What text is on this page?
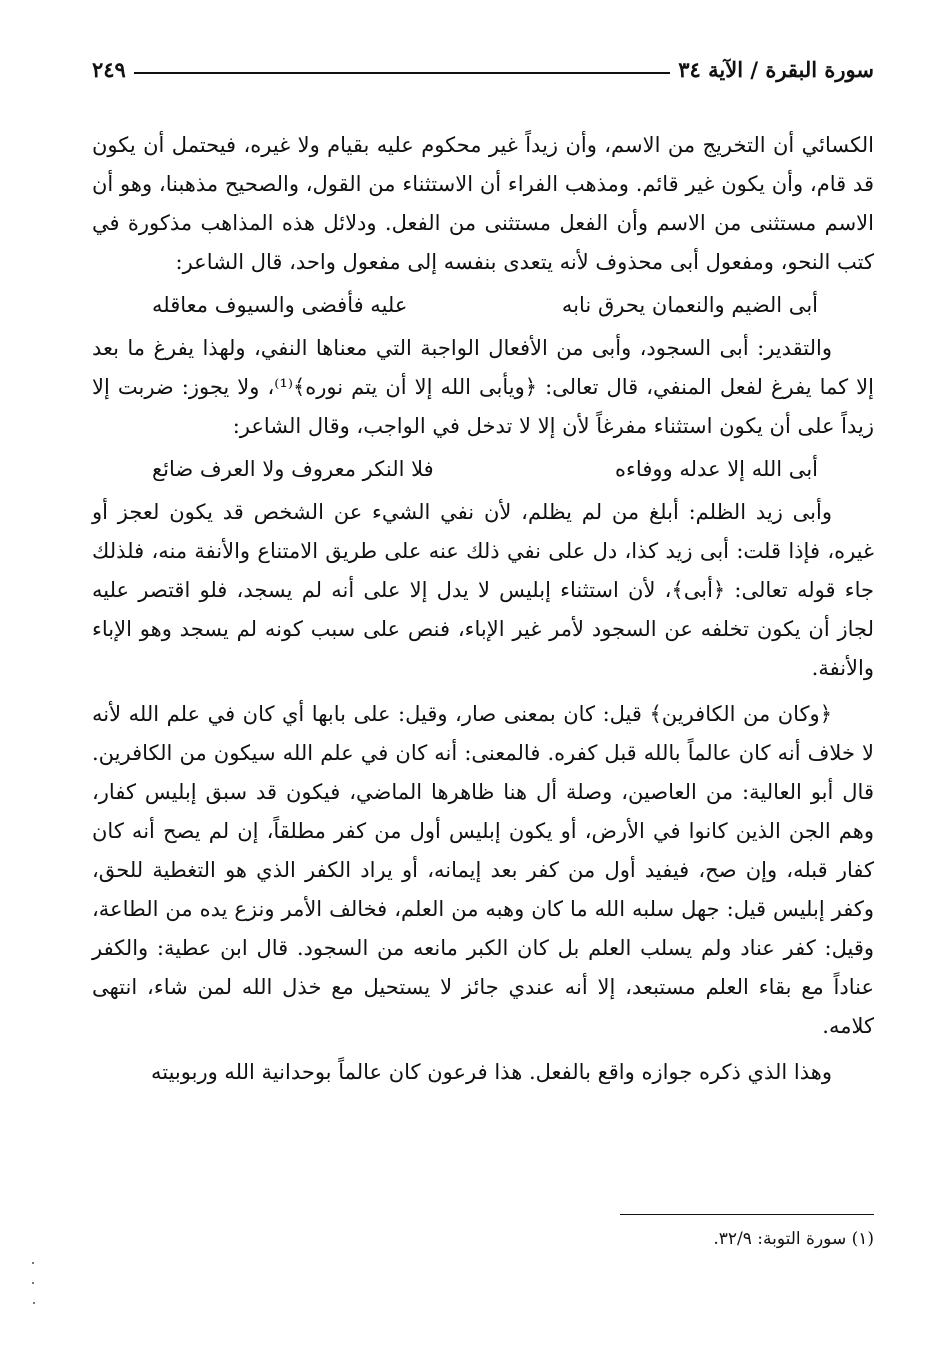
سورة البقرة / الآية ٣٤
٢٤٩

الكسائي أن التخريج من الاسم، وأن زيداً غير محكوم عليه بقيام ولا غيره، فيحتمل أن يكون قد قام، وأن يكون غير قائم. ومذهب الفراء أن الاستثناء من القول، والصحيح مذهبنا، وهو أن الاسم مستثنى من الاسم وأن الفعل مستثنى من الفعل. ودلائل هذه المذاهب مذكورة في كتب النحو، ومفعول أبى محذوف لأنه يتعدى بنفسه إلى مفعول واحد، قال الشاعر:

أبى الضيم والنعمان يحرق نابه
عليه فأفضى والسيوف معاقله

والتقدير: أبى السجود، وأبى من الأفعال الواجبة التي معناها النفي، ولهذا يفرغ ما بعد إلا كما يفرغ لفعل المنفي، قال تعالى: ﴿ويأبى الله إلا أن يتم نوره﴾⁽¹⁾، ولا يجوز: ضربت إلا زيداً على أن يكون استثناء مفرغاً لأن إلا لا تدخل في الواجب، وقال الشاعر:

أبى الله إلا عدله ووفاءه
فلا النكر معروف ولا العرف ضائع

وأبى زيد الظلم: أبلغ من لم يظلم، لأن نفي الشيء عن الشخص قد يكون لعجز أو غيره، فإذا قلت: أبى زيد كذا، دل على نفي ذلك عنه على طريق الامتناع والأنفة منه، فلذلك جاء قوله تعالى: ﴿أبى﴾، لأن استثناء إبليس لا يدل إلا على أنه لم يسجد، فلو اقتصر عليه لجاز أن يكون تخلفه عن السجود لأمر غير الإباء، فنص على سبب كونه لم يسجد وهو الإباء والأنفة.

﴿وكان من الكافرين﴾ قيل: كان بمعنى صار، وقيل: على بابها أي كان في علم الله لأنه لا خلاف أنه كان عالماً بالله قبل كفره. فالمعنى: أنه كان في علم الله سيكون من الكافرين. قال أبو العالية: من العاصين، وصلة أل هنا ظاهرها الماضي، فيكون قد سبق إبليس كفار، وهم الجن الذين كانوا في الأرض، أو يكون إبليس أول من كفر مطلقاً، إن لم يصح أنه كان كفار قبله، وإن صح، فيفيد أول من كفر بعد إيمانه، أو يراد الكفر الذي هو التغطية للحق، وكفر إبليس قيل: جهل سلبه الله ما كان وهبه من العلم، فخالف الأمر ونزع يده من الطاعة، وقيل: كفر عناد ولم يسلب العلم بل كان الكبر مانعه من السجود. قال ابن عطية: والكفر عناداً مع بقاء العلم مستبعد، إلا أنه عندي جائز لا يستحيل مع خذل الله لمن شاء، انتهى كلامه.

وهذا الذي ذكره جوازه واقع بالفعل. هذا فرعون كان عالماً بوحدانية الله وربوبيته

(١) سورة التوبة: ٣٢/٩.
